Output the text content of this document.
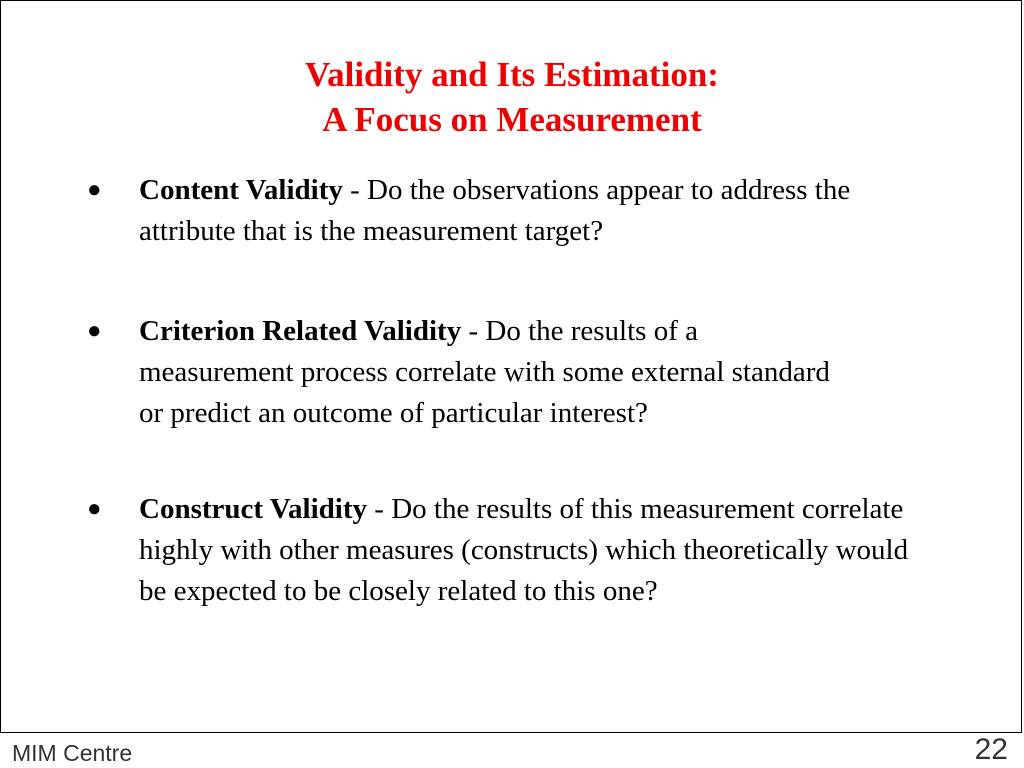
Validity and Its Estimation:
A Focus on Measurement
● Content Validity - Do the observations appear to address the attribute that is the measurement target?
● Criterion Related Validity - Do the results of a measurement process correlate with some external standard or predict an outcome of particular interest?
● Construct Validity - Do the results of this measurement correlate highly with other measures (constructs) which theoretically would be expected to be closely related to this one?
MIM Centre	22
